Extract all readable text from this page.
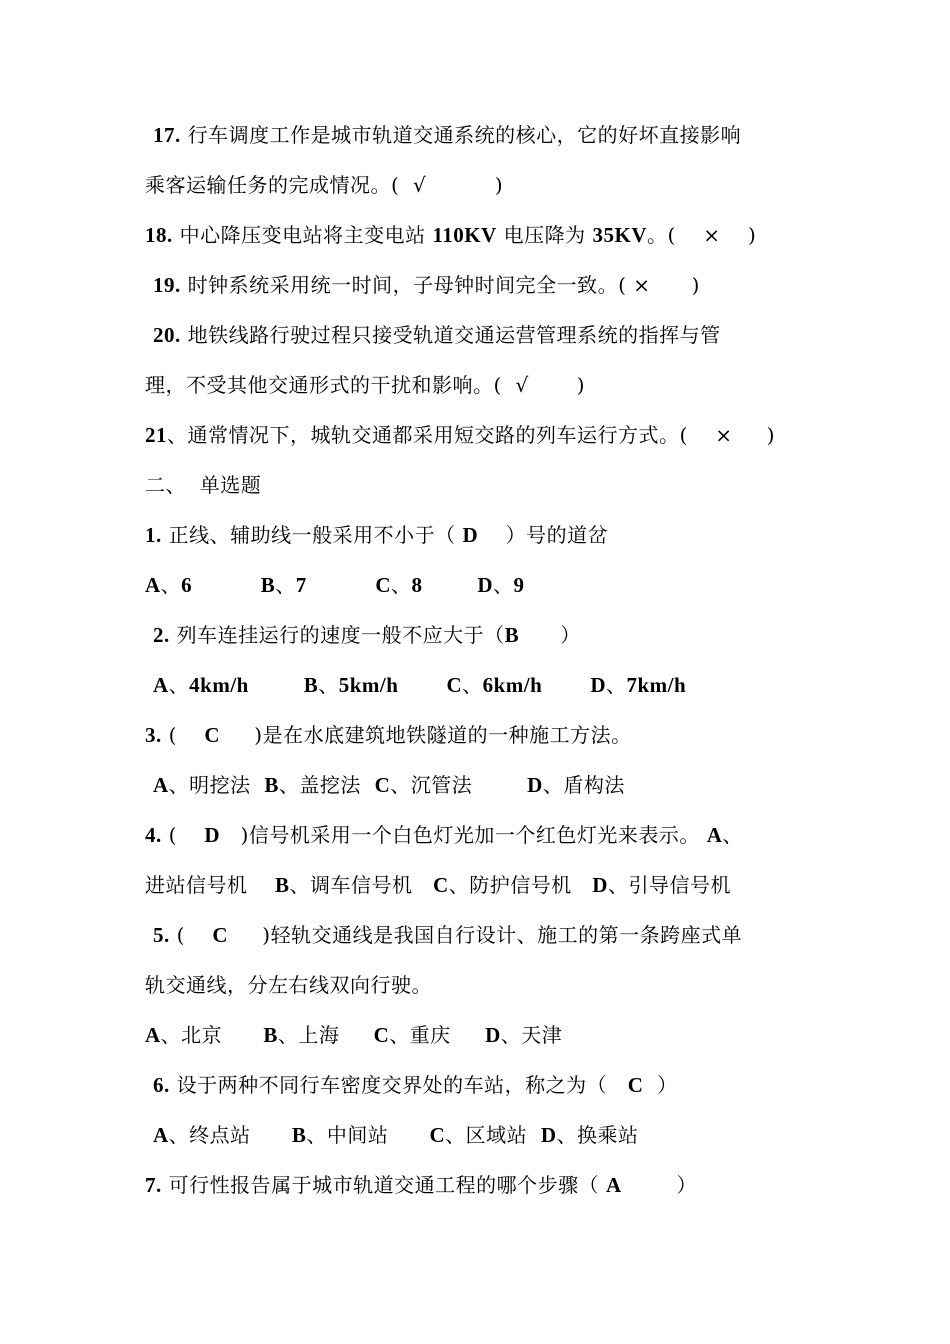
17. 行车调度工作是城市轨道交通系统的核心，它的好坏直接影响
乘客运输任务的完成情况。(  √          )
18. 中心降压变电站将主变电站 110KV 电压降为 35KV。(    ×    )
19. 时钟系统采用统一时间，子母钟时间完全一致。( ×      )
20. 地铁线路行驶过程只接受轨道交通运营管理系统的指挥与管
理，不受其他交通形式的干扰和影响。(  √       )
21、通常情况下，城轨交通都采用短交路的列车运行方式。(    ×     )
二、  单选题
1. 正线、辅助线一般采用不小于（ D    ）号的道岔
A、6	B、7	C、8	D、9
2. 列车连挂运行的速度一般不应大于（B      ）
A、4km/h	B、5km/h C、6km/h D、7km/h
3. (    C     )是在水底建筑地铁隧道的一种施工方法。
A、明挖法  B、盖挖法  C、沉管法        D、盾构法
4. (    D   )信号机采用一个白色灯光加一个红色灯光来表示。 A、
进站信号机    B、调车信号机   C、防护信号机   D、引导信号机
5. (    C     )轻轨交通线是我国自行设计、施工的第一条跨座式单
轨交通线，分左右线双向行驶。
A、北京      B、上海     C、重庆     D、天津
6. 设于两种不同行车密度交界处的车站，称之为（   C  ）
A、终点站      B、中间站      C、区域站  D、换乘站
7. 可行性报告属于城市轨道交通工程的哪个步骤（ A        ）
